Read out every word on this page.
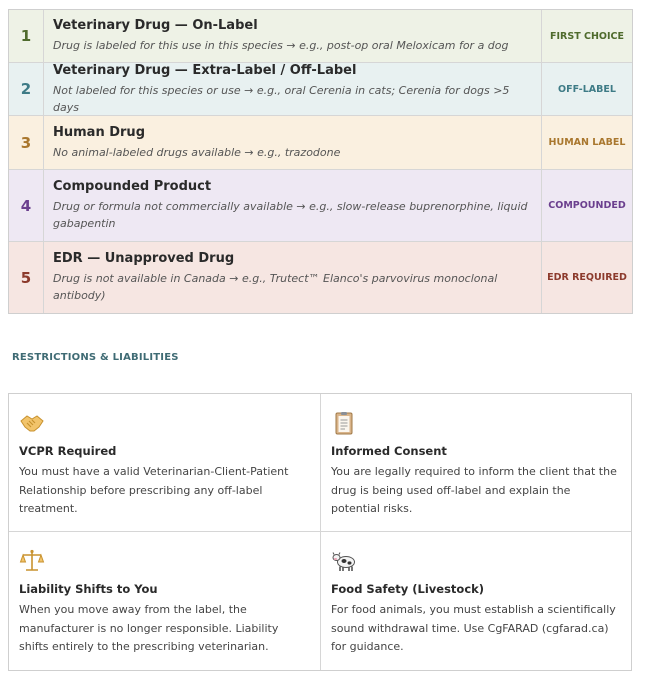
1
Veterinary Drug — On-Label
Drug is labeled for this use in this species → e.g., post-op oral Meloxicam for a dog
FIRST CHOICE
2
Veterinary Drug — Extra-Label / Off-Label
Not labeled for this species or use → e.g., oral Cerenia in cats; Cerenia for dogs >5 days
OFF-LABEL
3
Human Drug
No animal-labeled drugs available → e.g., trazodone
HUMAN LABEL
4
Compounded Product
Drug or formula not commercially available → e.g., slow-release buprenorphine, liquid gabapentin
COMPOUNDED
5
EDR — Unapproved Drug
Drug is not available in Canada → e.g., Trutect™ Elanco's parvovirus monoclonal antibody)
EDR REQUIRED
RESTRICTIONS & LIABILITIES
VCPR Required
You must have a valid Veterinarian-Client-Patient Relationship before prescribing any off-label treatment.
Informed Consent
You are legally required to inform the client that the drug is being used off-label and explain the potential risks.
Liability Shifts to You
When you move away from the label, the manufacturer is no longer responsible. Liability shifts entirely to the prescribing veterinarian.
Food Safety (Livestock)
For food animals, you must establish a scientifically sound withdrawal time. Use CgFARAD (cgfarad.ca) for guidance.
